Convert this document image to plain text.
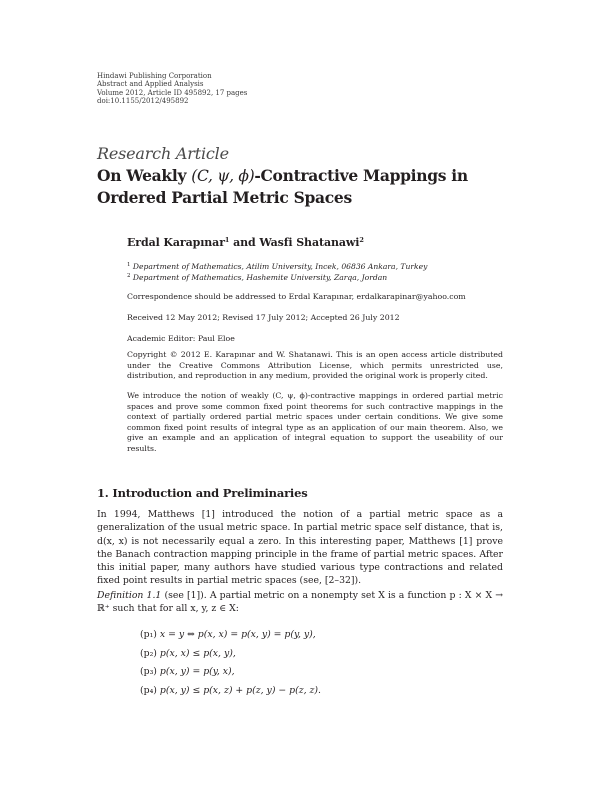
Hindawi Publishing Corporation
Abstract and Applied Analysis
Volume 2012, Article ID 495892, 17 pages
doi:10.1155/2012/495892
Research Article
On Weakly (C, ψ, ϕ)-Contractive Mappings in
Ordered Partial Metric Spaces
Erdal Karapınar$^1$ and Wasfi Shatanawi$^2$
$^1$ Department of Mathematics, Atilim University, Incek, 06836 Ankara, Turkey
$^2$ Department of Mathematics, Hashemite University, Zarqa, Jordan
Correspondence should be addressed to Erdal Karapınar, erdalkarapinar@yahoo.com
Received 12 May 2012; Revised 17 July 2012; Accepted 26 July 2012
Academic Editor: Paul Eloe
Copyright © 2012 E. Karapınar and W. Shatanawi. This is an open access article distributed under the Creative Commons Attribution License, which permits unrestricted use, distribution, and reproduction in any medium, provided the original work is properly cited.
We introduce the notion of weakly (C, ψ, ϕ)-contractive mappings in ordered partial metric spaces and prove some common fixed point theorems for such contractive mappings in the context of partially ordered partial metric spaces under certain conditions. We give some common fixed point results of integral type as an application of our main theorem. Also, we give an example and an application of integral equation to support the useability of our results.
1. Introduction and Preliminaries
In 1994, Matthews [1] introduced the notion of a partial metric space as a generalization of the usual metric space. In partial metric space self distance, that is, d(x, x) is not necessarily equal a zero. In this interesting paper, Matthews [1] prove the Banach contraction mapping principle in the frame of partial metric spaces. After this initial paper, many authors have studied various type contractions and related fixed point results in partial metric spaces (see, [2–32]).
Definition 1.1 (see [1]). A partial metric on a nonempty set X is a function p : X × X → ℝ⁺ such that for all x, y, z ∈ X:
(p₁) x = y ⇔ p(x, x) = p(x, y) = p(y, y),
(p₂) p(x, x) ≤ p(x, y),
(p₃) p(x, y) = p(y, x),
(p₄) p(x, y) ≤ p(x, z) + p(z, y) − p(z, z).
